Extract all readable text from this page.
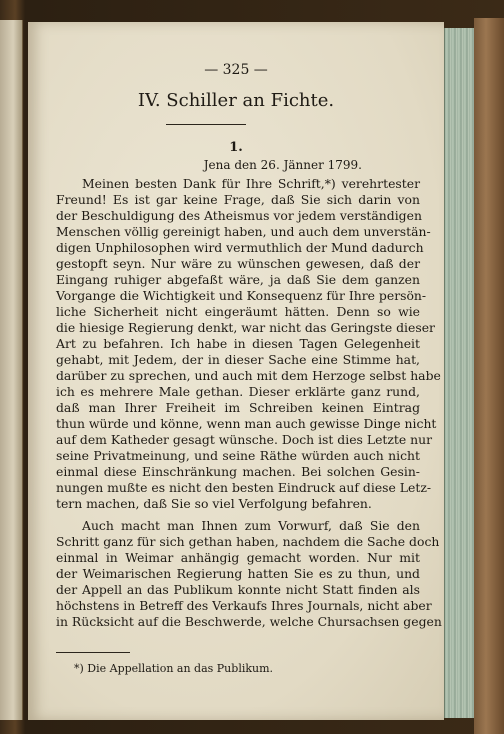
— 325 —
IV. Schiller an Fichte.
1.
Jena den 26. Jänner 1799.
Meinen besten Dank für Ihre Schrift,*) verehrtester
Freund! Es ist gar keine Frage, daß Sie sich darin von
der Beschuldigung des Atheismus vor jedem verständigen
Menschen völlig gereinigt haben, und auch dem unverstän-
digen Unphilosophen wird vermuthlich der Mund dadurch
gestopft seyn. Nur wäre zu wünschen gewesen, daß der
Eingang ruhiger abgefaßt wäre, ja daß Sie dem ganzen
Vorgange die Wichtigkeit und Konsequenz für Ihre persön-
liche Sicherheit nicht eingeräumt hätten. Denn so wie
die hiesige Regierung denkt, war nicht das Geringste dieser
Art zu befahren. Ich habe in diesen Tagen Gelegenheit
gehabt, mit Jedem, der in dieser Sache eine Stimme hat,
darüber zu sprechen, und auch mit dem Herzoge selbst habe
ich es mehrere Male gethan. Dieser erklärte ganz rund,
daß man Ihrer Freiheit im Schreiben keinen Eintrag
thun würde und könne, wenn man auch gewisse Dinge nicht
auf dem Katheder gesagt wünsche. Doch ist dies Letzte nur
seine Privatmeinung, und seine Räthe würden auch nicht
einmal diese Einschränkung machen. Bei solchen Gesin-
nungen mußte es nicht den besten Eindruck auf diese Letz-
tern machen, daß Sie so viel Verfolgung befahren.
Auch macht man Ihnen zum Vorwurf, daß Sie den
Schritt ganz für sich gethan haben, nachdem die Sache doch
einmal in Weimar anhängig gemacht worden. Nur mit
der Weimarischen Regierung hatten Sie es zu thun, und
der Appell an das Publikum konnte nicht Statt finden als
höchstens in Betreff des Verkaufs Ihres Journals, nicht aber
in Rücksicht auf die Beschwerde, welche Chursachsen gegen
*) Die Appellation an das Publikum.
